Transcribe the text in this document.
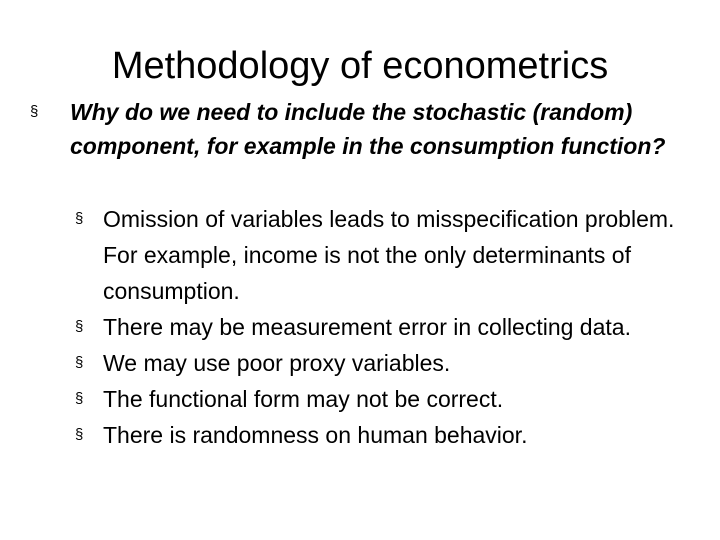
Methodology of econometrics
§ Why do we need to include the stochastic (random) component, for example in the consumption function?
§ Omission of variables leads to misspecification problem. For example, income is not the only determinants of consumption.
§ There may be measurement error in collecting data.
§ We may use poor proxy variables.
§ The functional form may not be correct.
§ There is randomness on human behavior.
